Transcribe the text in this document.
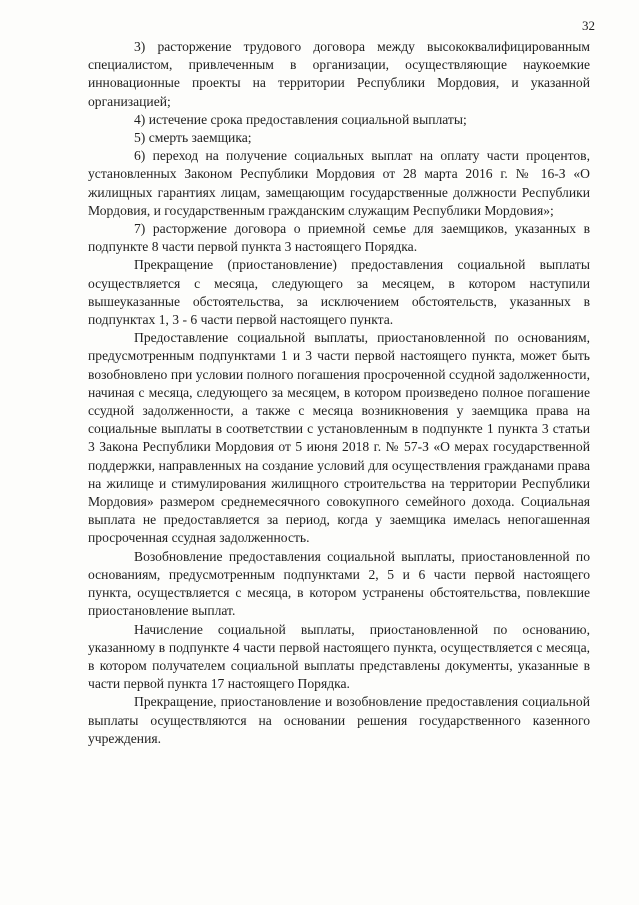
32

3) расторжение трудового договора между высококвалифицированным специалистом, привлеченным в организации, осуществляющие наукоемкие инновационные проекты на территории Республики Мордовия, и указанной организацией;

4) истечение срока предоставления социальной выплаты;

5) смерть заемщика;

6) переход на получение социальных выплат на оплату части процентов, установленных Законом Республики Мордовия от 28 марта 2016 г. № 16-З «О жилищных гарантиях лицам, замещающим государственные должности Республики Мордовия, и государственным гражданским служащим Республики Мордовия»;

7) расторжение договора о приемной семье для заемщиков, указанных в подпункте 8 части первой пункта 3 настоящего Порядка.

Прекращение (приостановление) предоставления социальной выплаты осуществляется с месяца, следующего за месяцем, в котором наступили вышеуказанные обстоятельства, за исключением обстоятельств, указанных в подпунктах 1, 3 - 6 части первой настоящего пункта.

Предоставление социальной выплаты, приостановленной по основаниям, предусмотренным подпунктами 1 и 3 части первой настоящего пункта, может быть возобновлено при условии полного погашения просроченной ссудной задолженности, начиная с месяца, следующего за месяцем, в котором произведено полное погашение ссудной задолженности, а также с месяца возникновения у заемщика права на социальные выплаты в соответствии с установленным в подпункте 1 пункта 3 статьи 3 Закона Республики Мордовия от 5 июня 2018 г. № 57-З «О мерах государственной поддержки, направленных на создание условий для осуществления гражданами права на жилище и стимулирования жилищного строительства на территории Республики Мордовия» размером среднемесячного совокупного семейного дохода. Социальная выплата не предоставляется за период, когда у заемщика имелась непогашенная просроченная ссудная задолженность.

Возобновление предоставления социальной выплаты, приостановленной по основаниям, предусмотренным подпунктами 2, 5 и 6 части первой настоящего пункта, осуществляется с месяца, в котором устранены обстоятельства, повлекшие приостановление выплат.

Начисление социальной выплаты, приостановленной по основанию, указанному в подпункте 4 части первой настоящего пункта, осуществляется с месяца, в котором получателем социальной выплаты представлены документы, указанные в части первой пункта 17 настоящего Порядка.

Прекращение, приостановление и возобновление предоставления социальной выплаты осуществляются на основании решения государственного казенного учреждения.
